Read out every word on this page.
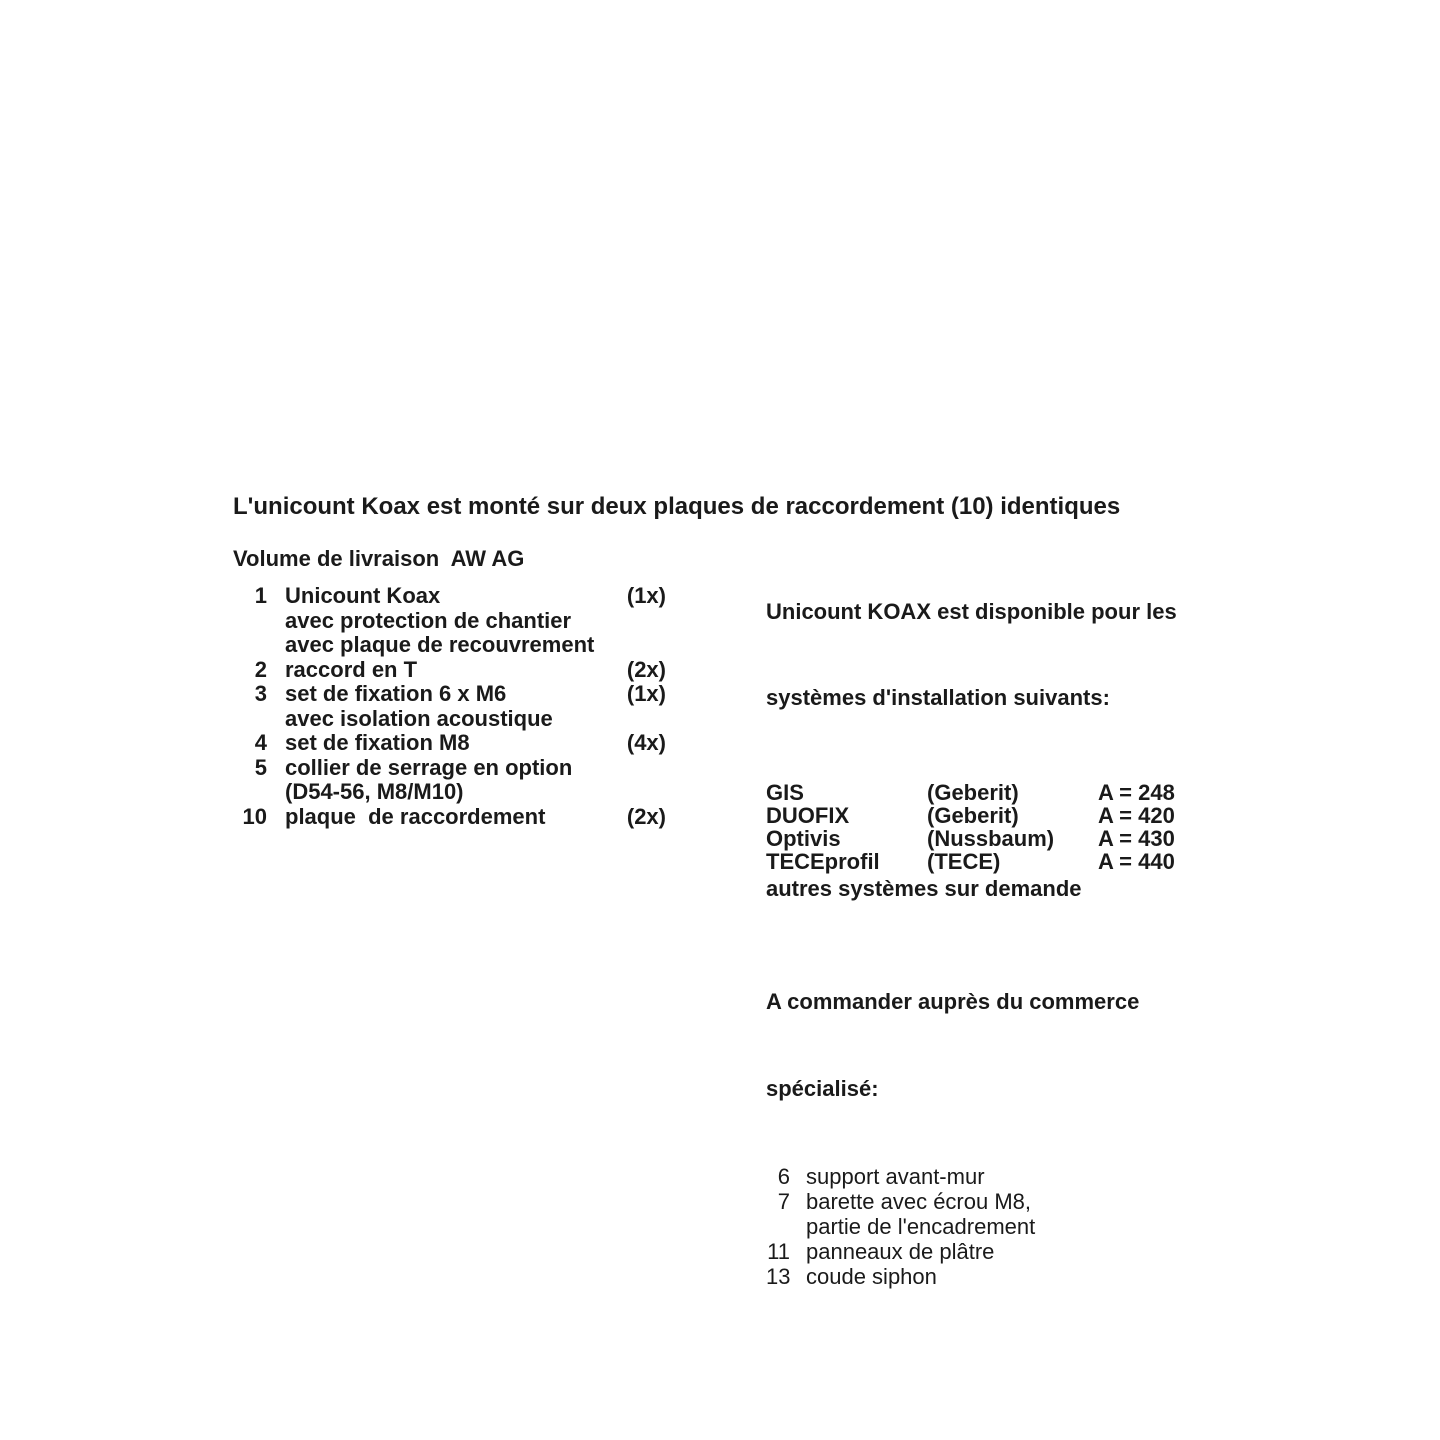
L'unicount Koax est monté sur deux plaques de raccordement (10) identiques
Volume de livraison  AW AG
1 Unicount Koax	(1x)
avec protection de chantier
avec plaque de recouvrement
2 raccord en T	(2x)
3 set de fixation 6 x M6	(1x)
avec isolation acoustique
4 set de fixation M8	(4x)
5 collier de serrage en option
(D54-56, M8/M10)
10 plaque  de raccordement	(2x)

Unicount KOAX est disponible pour les

systèmes d'installation suivants:

GIS	(Geberit)	A = 248
DUOFIX	(Geberit)	A = 420
Optivis	(Nussbaum)	A = 430
TECEprofil	(TECE)	A = 440
autres systèmes sur demande

A commander auprès du commerce

spécialisé:

6 support avant-mur
7 barette avec écrou M8,
partie de l'encadrement
11 panneaux de plâtre
13 coude siphon
